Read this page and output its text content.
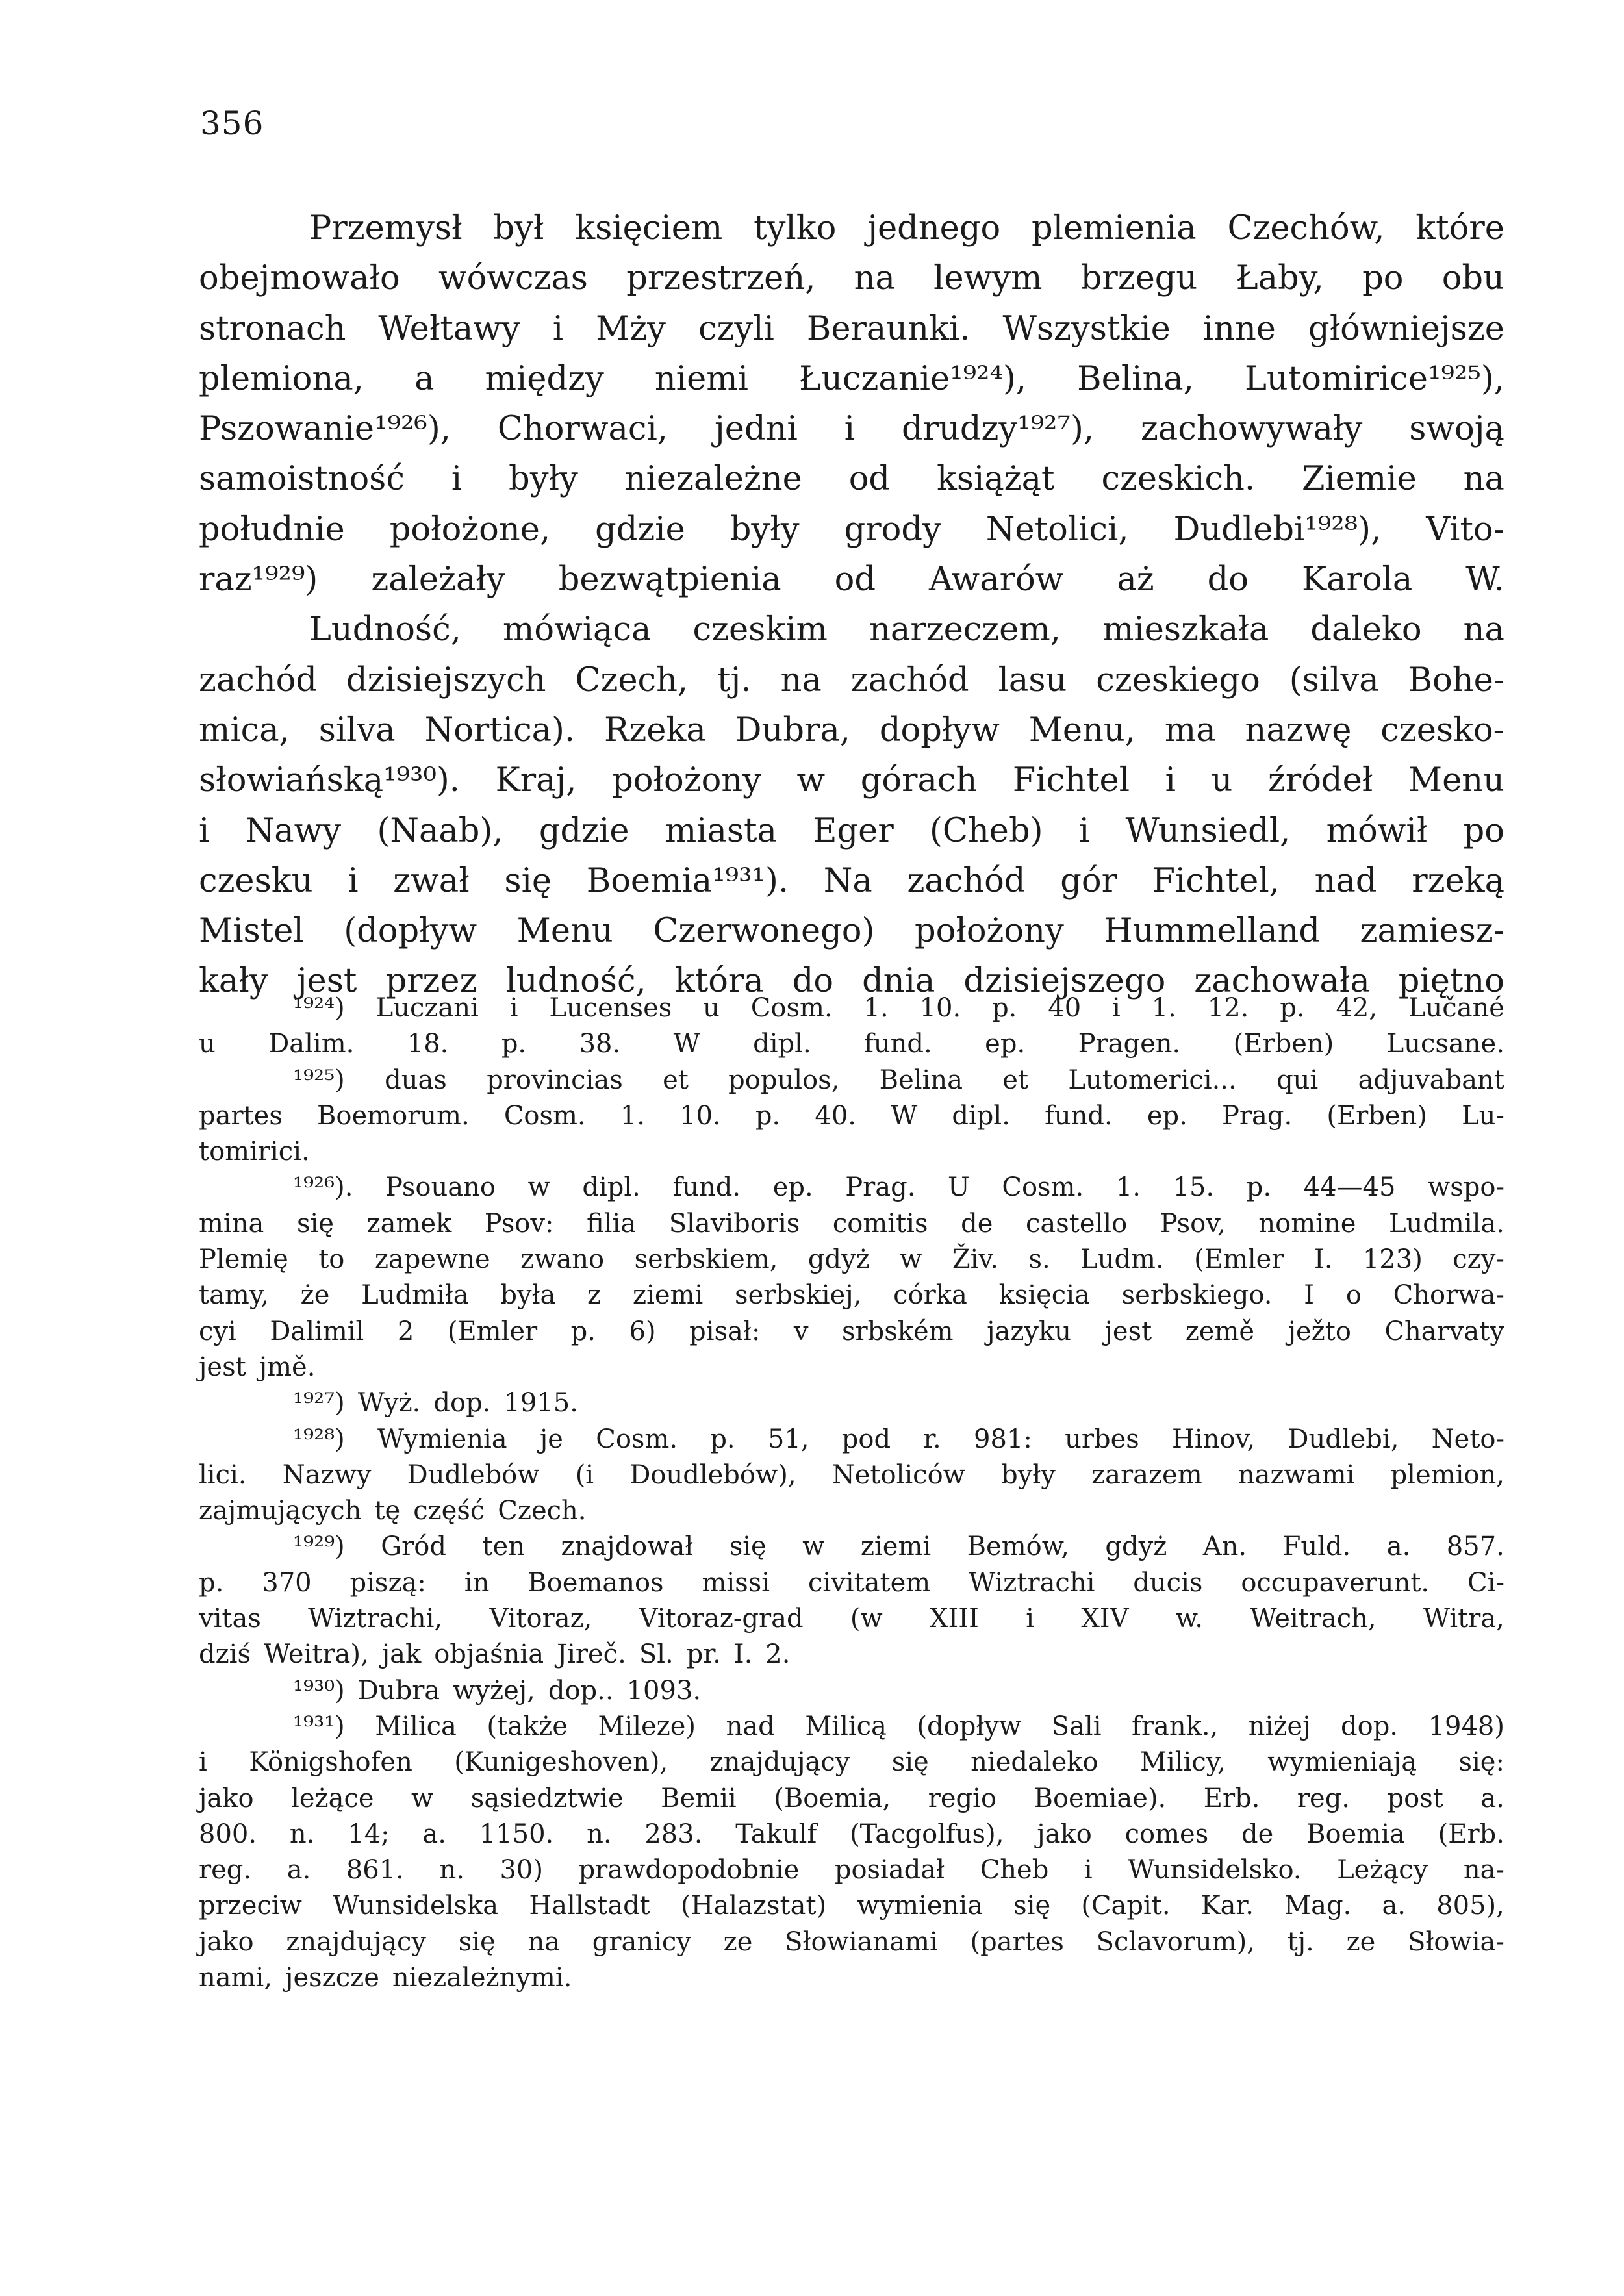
356
Przemysł był księciem tylko jednego plemienia Czechów, które
obejmowało wówczas przestrzeń, na lewym brzegu Łaby, po obu
stronach Wełtawy i Mży czyli Beraunki. Wszystkie inne główniejsze
plemiona, a między niemi Łuczanie¹⁹²⁴), Belina, Lutomirice¹⁹²⁵),
Pszowanie¹⁹²⁶), Chorwaci, jedni i drudzy¹⁹²⁷), zachowywały swoją
samoistność i były niezależne od książąt czeskich. Ziemie na
południe położone, gdzie były grody Netolici, Dudlebi¹⁹²⁸), Vito-
raz¹⁹²⁹) zależały bezwątpienia od Awarów aż do Karola W.
Ludność, mówiąca czeskim narzeczem, mieszkała daleko na
zachód dzisiejszych Czech, tj. na zachód lasu czeskiego (silva Bohe-
mica, silva Nortica). Rzeka Dubra, dopływ Menu, ma nazwę czesko-
słowiańską¹⁹³⁰). Kraj, położony w górach Fichtel i u źródeł Menu
i Nawy (Naab), gdzie miasta Eger (Cheb) i Wunsiedl, mówił po
czesku i zwał się Boemia¹⁹³¹). Na zachód gór Fichtel, nad rzeką
Mistel (dopływ Menu Czerwonego) położony Hummelland zamiesz-
kały jest przez ludność, która do dnia dzisiejszego zachowała piętno
¹⁹²⁴) Luczani i Lucenses u Cosm. 1. 10. p. 40 i 1. 12. p. 42, Lučané
u Dalim. 18. p. 38. W dipl. fund. ep. Pragen. (Erben) Lucsane.
¹⁹²⁵) duas provincias et populos, Belina et Lutomerici... qui adjuvabant
partes Boemorum. Cosm. 1. 10. p. 40. W dipl. fund. ep. Prag. (Erben) Lu-
tomirici.
¹⁹²⁶). Psouano w dipl. fund. ep. Prag. U Cosm. 1. 15. p. 44—45 wspo-
mina się zamek Psov: filia Slaviboris comitis de castello Psov, nomine Ludmila.
Plemię to zapewne zwano serbskiem, gdyż w Živ. s. Ludm. (Emler I. 123) czy-
tamy, że Ludmiła była z ziemi serbskiej, córka księcia serbskiego. I o Chorwa-
cyi Dalimil 2 (Emler p. 6) pisał: v srbském jazyku jest země ježto Charvaty
jest jmě.
¹⁹²⁷) Wyż. dop. 1915.
¹⁹²⁸) Wymienia je Cosm. p. 51, pod r. 981: urbes Hinov, Dudlebi, Neto-
lici. Nazwy Dudlebów (i Doudlebów), Netoliców były zarazem nazwami plemion,
zajmujących tę część Czech.
¹⁹²⁹) Gród ten znajdował się w ziemi Bemów, gdyż An. Fuld. a. 857.
p. 370 piszą: in Boemanos missi civitatem Wiztrachi ducis occupaverunt. Ci-
vitas Wiztrachi, Vitoraz, Vitoraz-grad (w XIII i XIV w. Weitrach, Witra,
dziś Weitra), jak objaśnia Jireč. Sl. pr. I. 2.
¹⁹³⁰) Dubra wyżej, dop.. 1093.
¹⁹³¹) Milica (także Mileze) nad Milicą (dopływ Sali frank., niżej dop. 1948)
i Königshofen (Kunigeshoven), znajdujący się niedaleko Milicy, wymieniają się:
jako leżące w sąsiedztwie Bemii (Boemia, regio Boemiae). Erb. reg. post a.
800. n. 14; a. 1150. n. 283. Takulf (Tacgolfus), jako comes de Boemia (Erb.
reg. a. 861. n. 30) prawdopodobnie posiadał Cheb i Wunsidelsko. Leżący na-
przeciw Wunsidelska Hallstadt (Halazstat) wymienia się (Capit. Kar. Mag. a. 805),
jako znajdujący się na granicy ze Słowianami (partes Sclavorum), tj. ze Słowia-
nami, jeszcze niezależnymi.
